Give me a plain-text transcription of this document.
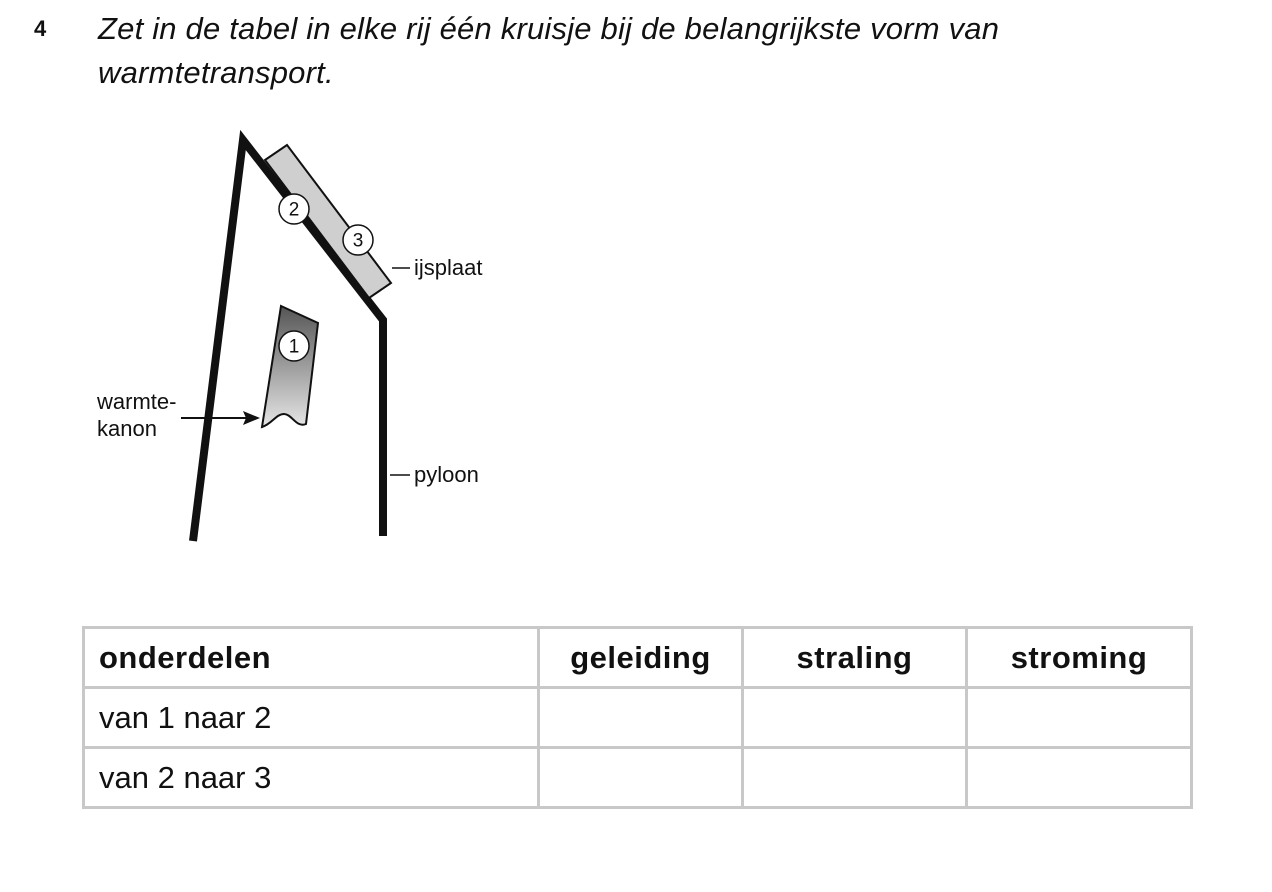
4 Zet in de tabel in elke rij één kruisje bij de belangrijkste vorm van warmtetransport.
1
2
3
ijsplaat
pyloon
warmte-
kanon
onderdelen	geleiding	straling	stroming
van 1 naar 2			
van 2 naar 3			
